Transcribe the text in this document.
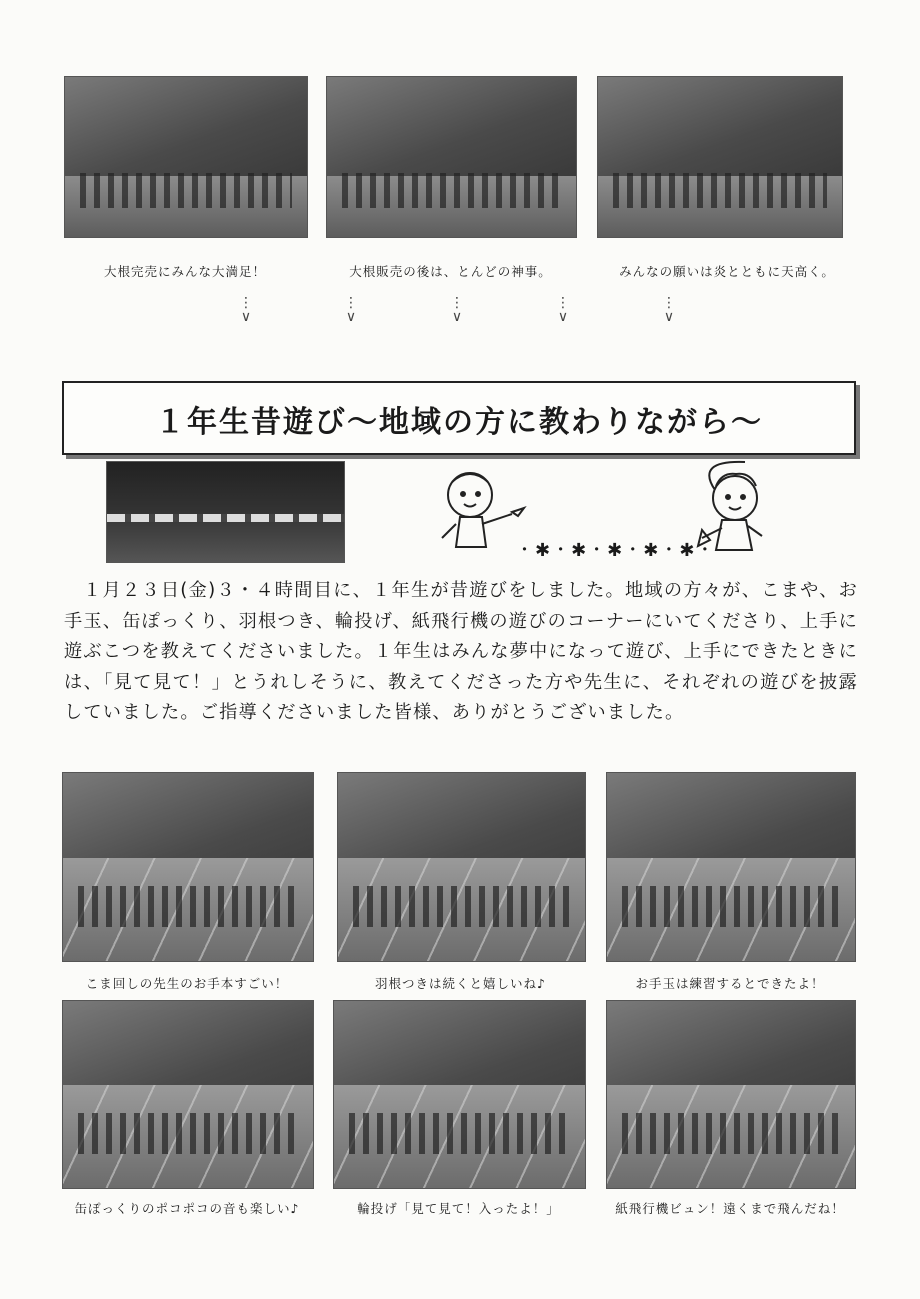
大根完売にみんな大満足！	大根販売の後は、とんどの神事。	みんなの願いは炎とともに天高く。
⋮
∨
⋮
∨
⋮
∨
⋮
∨
⋮
∨
１年生昔遊び～地域の方に教わりながら～
･✱･✱･✱･✱･✱･
１月２３日(金)３・４時間目に、１年生が昔遊びをしました。地域の方々が、こまや、お手玉、缶ぽっくり、羽根つき、輪投げ、紙飛行機の遊びのコーナーにいてくださり、上手に遊ぶこつを教えてくださいました。１年生はみんな夢中になって遊び、上手にできたときには、「見て見て！」とうれしそうに、教えてくださった方や先生に、それぞれの遊びを披露していました。ご指導くださいました皆様、ありがとうございました。
こま回しの先生のお手本すごい！	羽根つきは続くと嬉しいね♪	お手玉は練習するとできたよ！
缶ぽっくりのポコポコの音も楽しい♪	輪投げ「見て見て！入ったよ！」	紙飛行機ビュン！遠くまで飛んだね！
